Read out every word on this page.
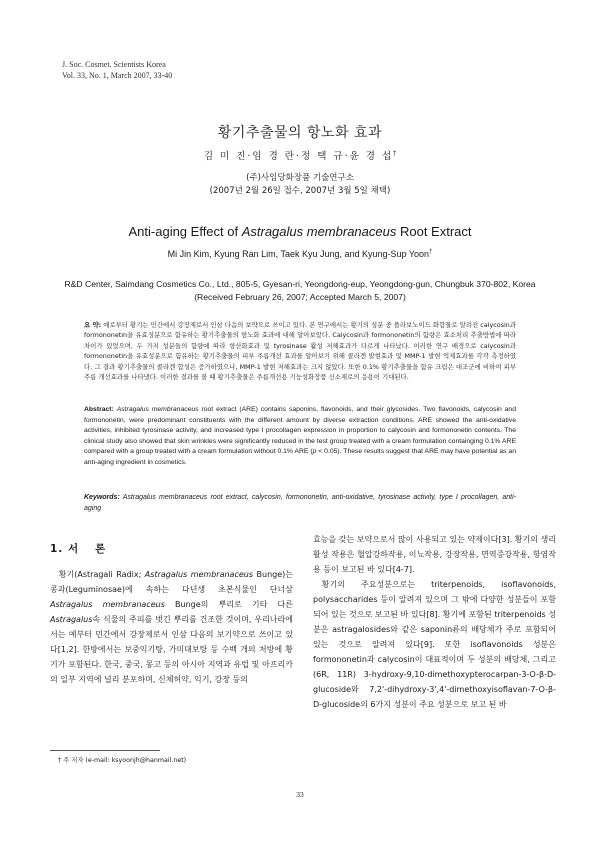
J. Soc. Cosmet. Scientists Korea
Vol. 33, No. 1, March 2007, 33-40
황기추출물의 항노화 효과
김 미 진·임 경 란·정 택 규·윤 경 섭†
(주)사임당화장품 기술연구소
(2007년 2월 26일 접수, 2007년 3월 5일 채택)
Anti-aging Effect of Astragalus membranaceus Root Extract
Mi Jin Kim, Kyung Ran Lim, Taek Kyu Jung, and Kyung-Sup Yoon†
R&D Center, Saimdang Cosmetics Co., Ltd., 805-5, Gyesan-ri, Yeongdong-eup, Yeongdong-gun, Chungbuk 370-802, Korea
(Received February 26, 2007; Accepted March 5, 2007)
요 약: 예로부터 황기는 민간에서 강장제로서 인삼 다음의 보약으로 쓰이고 있다. 본 연구에서는 황기의 성분 중 플라보노이드 화합물로 알려진 calycosin과 formononetin을 유효성분으로 함유하는 황기추출물의 항노화 효과에 대해 알아보았다. Calycosin과 formononetin의 함량은 효소처리 추출방법에 따라 차이가 있었으며, 두 가지 성분들의 함량에 따라 항산화효과 및 tyrosinase 활성 저해효과가 다르게 나타났다. 이러한 연구 배경으로 calycosin과 formononetin을 유효성분으로 함유하는 황기추출물의 피부 주름개선 효과를 알아보기 위해 콜라겐 발현효과 및 MMP-1 발현 억제효과를 각각 측정하였다. 그 결과 황기추출물의 콜라겐 합성은 증가하였으나, MMP-1 발현 저해효과는 크지 않았다. 또한 0.1% 황기추출물을 함유 크림은 대조군에 비하여 피부주름 개선효과를 나타냈다. 이러한 결과를 볼 때 황기추출물은 주름개선용 기능성화장품 신소재로의 응용이 기대된다.
Abstract: Astragalus membranaceus root extract (ARE) contains saponins, flavonoids, and their glycosides. Two flavonoids, calycosin and formononetin, were predominant constituents with the different amount by diverse extraction conditions. ARE showed the anti-oxidative activities, inhibited tyrosinase activity, and increased type I procollagen expression in proportion to calycosin and formononetin contents. The clinical study also showed that skin wrinkles were significantly reduced in the test group treated with a cream formulation containging 0.1% ARE compared with a group treated with a cream formulation without 0.1% ARE (p < 0.05). These results suggest that ARE may have potential as an anti-aging ingredient in cosmetics.
Keywords: Astragalus membranaceus root extract, calycosin, formononetin, anti-oxidative, tyrosinase activity, type I procollagen, anti-aging
1. 서 론

황기(Astragali Radix; Astragalus membranaceus Bunge)는 콩과(Leguminosae)에 속하는 다년생 초본식물인 단너삼 Astragalus membranaceus Bunge의 뿌리로 기타 다른 Astragalus속 식물의 주피를 벗긴 뿌리를 건조한 것이며, 우리나라에서는 예부터 민간에서 강장제로서 인삼 다음의 보기약으로 쓰이고 있다[1,2]. 한방에서는 보중익기탕, 가미대보탕 등 수백 개의 처방에 황기가 포함된다. 한국, 중국, 몽고 등의 아시아 지역과 유럽 및 아프리카의 일부 지역에 널리 분포하며, 신체허약, 익기, 강장 등의

효능을 갖는 보약으로서 많이 사용되고 있는 약제이다[3]. 황기의 생리활성 작용은 혈압강하작용, 이뇨작용, 강장작용, 면역증강작용, 항염작용 등이 보고된 바 있다[4-7].

황기의 주요성분으로는 triterpenoids, isoflavonoids, polysaccharides 등이 알려져 있으며 그 밖에 다양한 성분들이 포함되어 있는 것으로 보고된 바 있다[8]. 황기에 포함된 triterpenoids 성분은 astragalosides와 같은 saponin류의 배당체가 주로 포함되어 있는 것으로 알려져 있다[9]. 또한 isoflavonoids 성분은 formononetin과 calycosin이 대표적이며 두 성분의 배당체, 그리고 (6R, 11R) 3-hydroxy-9,10-dimethoxypterocarpan-3-O-β-D-glucoside와 7,2'-dihydroxy-3',4'-dimethoxyisoflavan-7-O-β-D-glucoside의 6가지 성분이 주요 성분으로 보고 된 바

† 주 저자 (e-mail: ksyoonjh@hanmail.net)
33
